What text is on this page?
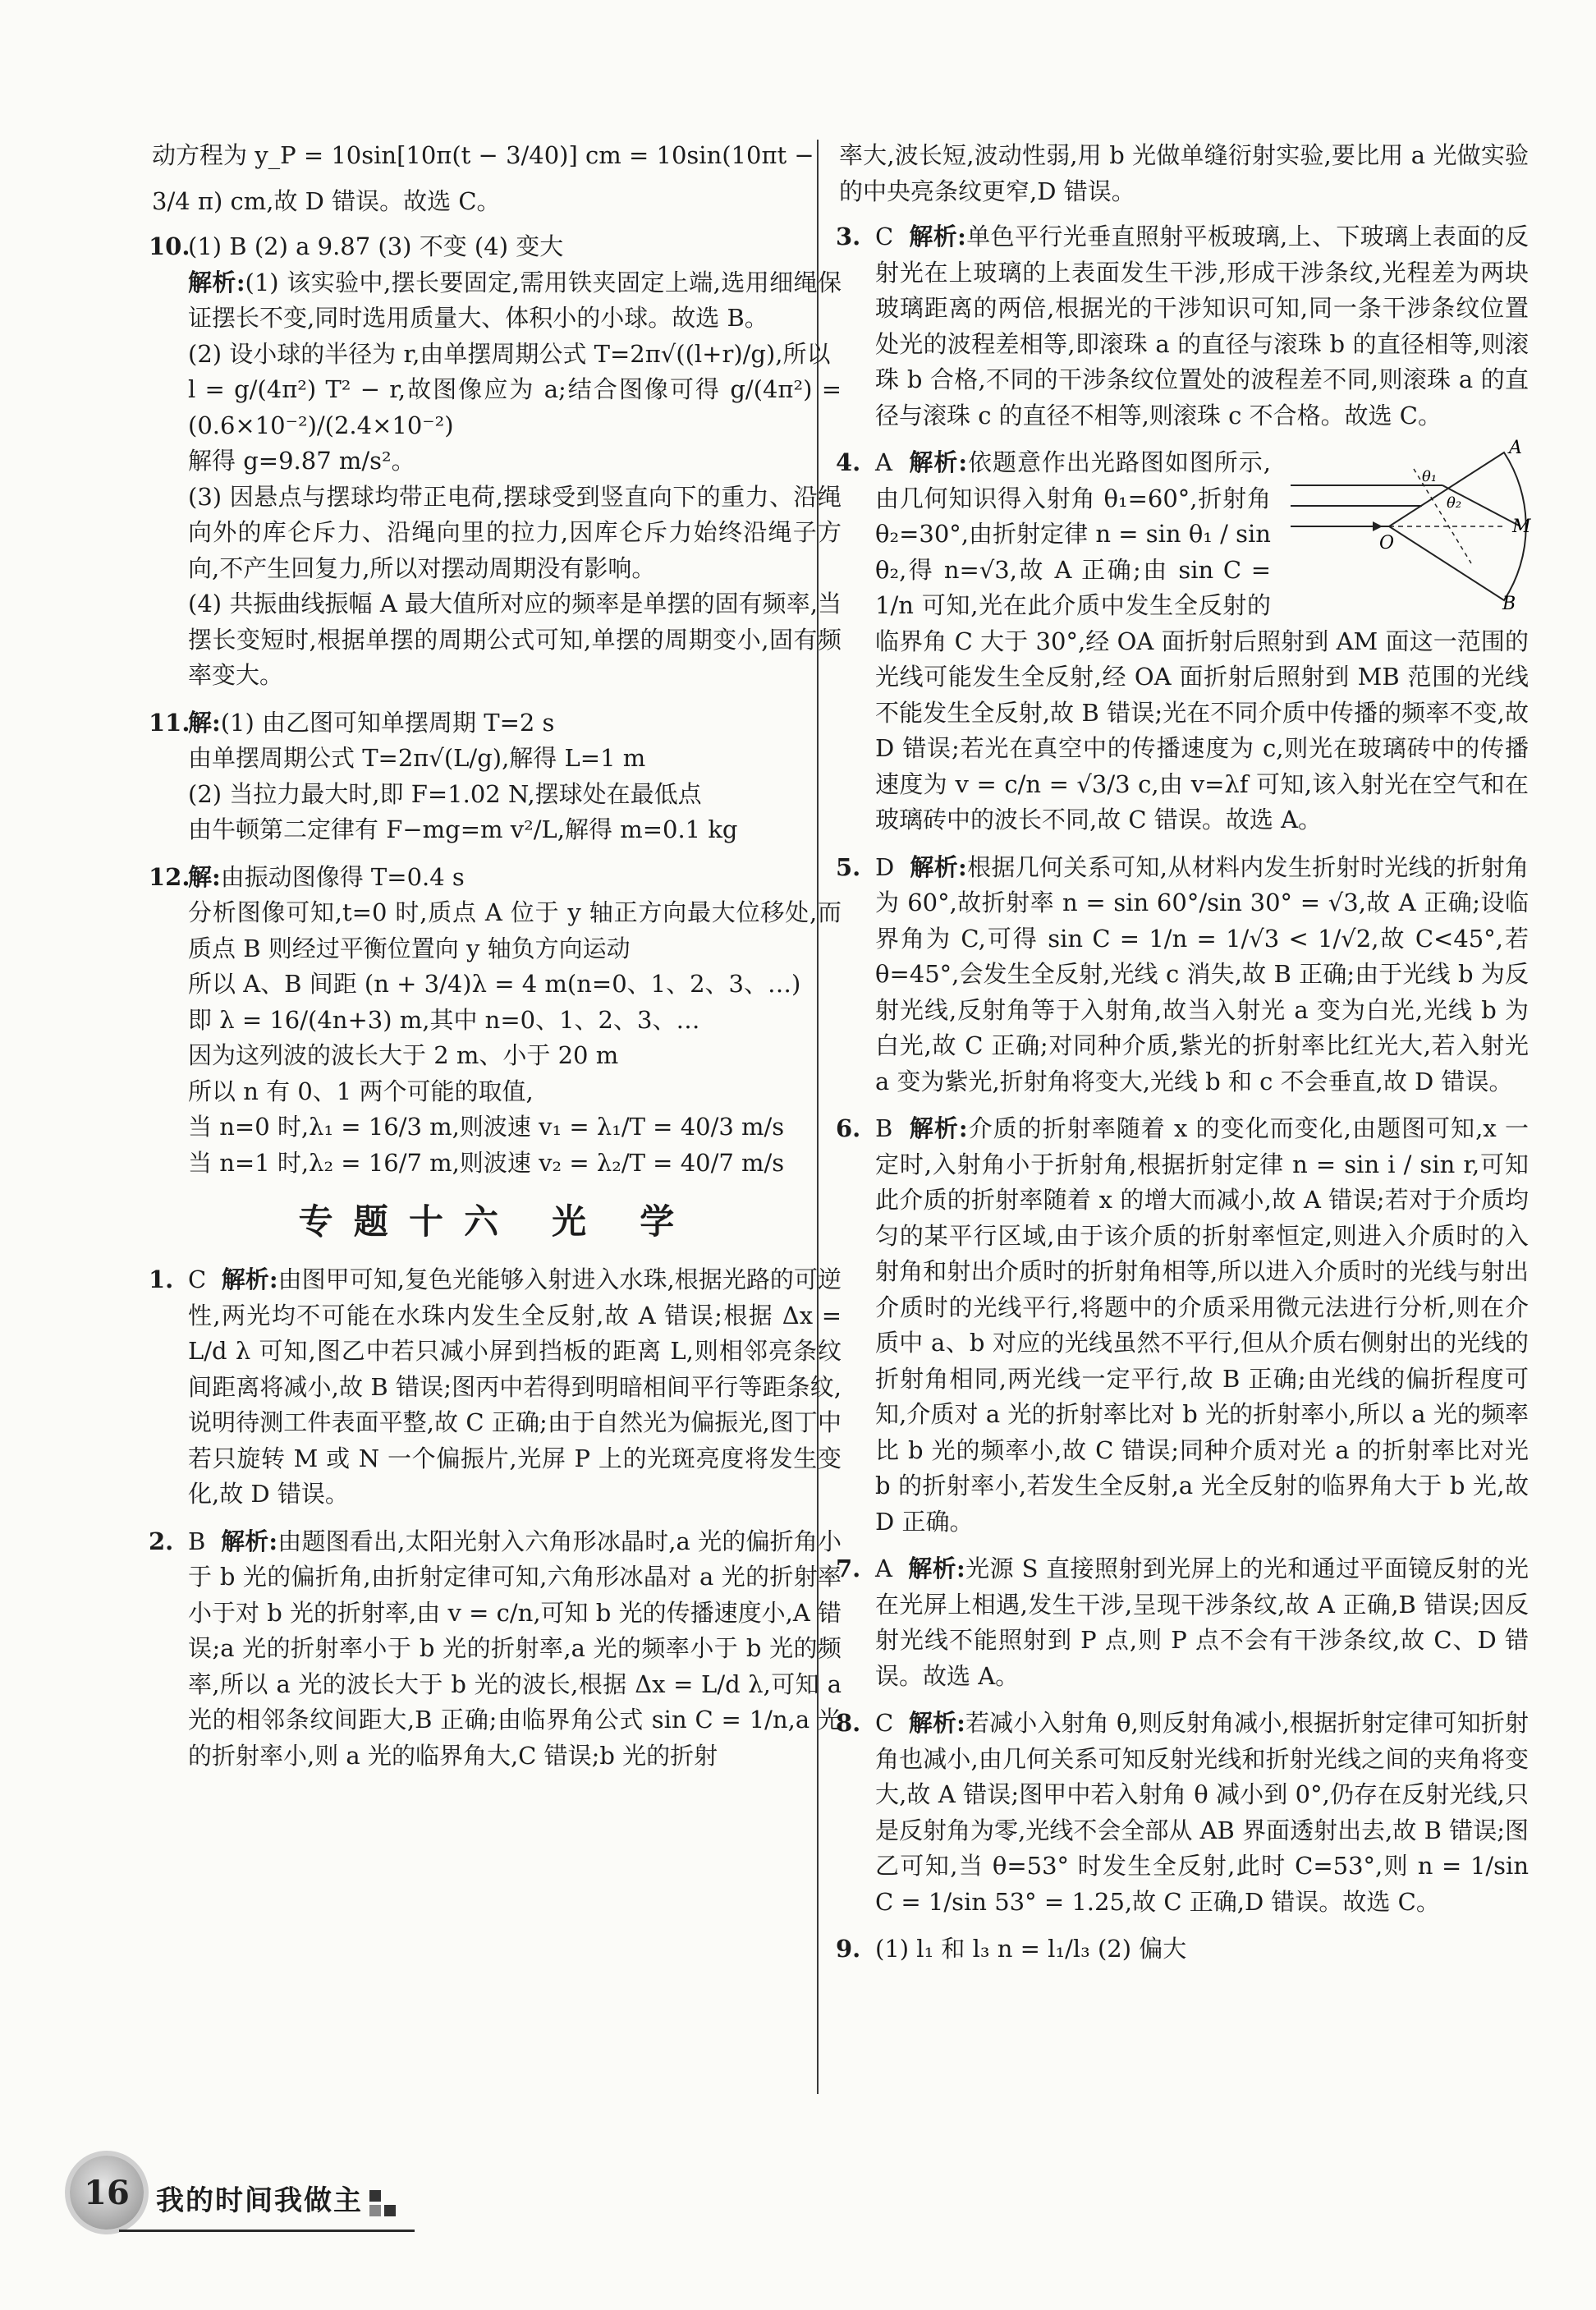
动方程为 y_P = 10sin[10π(t − 3/40)] cm = 10sin(10πt −
3/4 π) cm,故 D 错误。故选 C。
10.
(1) B (2) a 9.87 (3) 不变 (4) 变大
解析:(1) 该实验中,摆长要固定,需用铁夹固定上端,选用细绳保证摆长不变,同时选用质量大、体积小的小球。故选 B。
(2) 设小球的半径为 r,由单摆周期公式 T=2π√((l+r)/g),所以
l = g/(4π²) T² − r,故图像应为 a;结合图像可得 g/(4π²) = (0.6×10⁻²)/(2.4×10⁻²)
解得 g=9.87 m/s²。
(3) 因悬点与摆球均带正电荷,摆球受到竖直向下的重力、沿绳向外的库仑斥力、沿绳向里的拉力,因库仑斥力始终沿绳子方向,不产生回复力,所以对摆动周期没有影响。
(4) 共振曲线振幅 A 最大值所对应的频率是单摆的固有频率,当摆长变短时,根据单摆的周期公式可知,单摆的周期变小,固有频率变大。
11.
解:(1) 由乙图可知单摆周期 T=2 s
由单摆周期公式 T=2π√(L/g),解得 L=1 m
(2) 当拉力最大时,即 F=1.02 N,摆球处在最低点
由牛顿第二定律有 F−mg=m v²/L,解得 m=0.1 kg
12.
解:由振动图像得 T=0.4 s
分析图像可知,t=0 时,质点 A 位于 y 轴正方向最大位移处,而质点 B 则经过平衡位置向 y 轴负方向运动
所以 A、B 间距 (n + 3/4)λ = 4 m(n=0、1、2、3、…)
即 λ = 16/(4n+3) m,其中 n=0、1、2、3、…
因为这列波的波长大于 2 m、小于 20 m
所以 n 有 0、1 两个可能的取值,
当 n=0 时,λ₁ = 16/3 m,则波速 v₁ = λ₁/T = 40/3 m/s
当 n=1 时,λ₂ = 16/7 m,则波速 v₂ = λ₂/T = 40/7 m/s
专题十六 光 学
1. C 解析:由图甲可知,复色光能够入射进入水珠,根据光路的可逆性,两光均不可能在水珠内发生全反射,故 A 错误;根据 Δx = L/d λ 可知,图乙中若只减小屏到挡板的距离 L,则相邻亮条纹间距离将减小,故 B 错误;图丙中若得到明暗相间平行等距条纹,说明待测工件表面平整,故 C 正确;由于自然光为偏振光,图丁中若只旋转 M 或 N 一个偏振片,光屏 P 上的光斑亮度将发生变化,故 D 错误。
2. B 解析:由题图看出,太阳光射入六角形冰晶时,a 光的偏折角小于 b 光的偏折角,由折射定律可知,六角形冰晶对 a 光的折射率小于对 b 光的折射率,由 v = c/n,可知 b 光的传播速度小,A 错误;a 光的折射率小于 b 光的折射率,a 光的频率小于 b 光的频率,所以 a 光的波长大于 b 光的波长,根据 Δx = L/d λ,可知 a 光的相邻条纹间距大,B 正确;由临界角公式 sin C = 1/n,a 光的折射率小,则 a 光的临界角大,C 错误;b 光的折射
率大,波长短,波动性弱,用 b 光做单缝衍射实验,要比用 a 光做实验的中央亮条纹更窄,D 错误。
3. C 解析:单色平行光垂直照射平板玻璃,上、下玻璃上表面的反射光在上玻璃的上表面发生干涉,形成干涉条纹,光程差为两块玻璃距离的两倍,根据光的干涉知识可知,同一条干涉条纹位置处光的波程差相等,即滚珠 a 的直径与滚珠 b 的直径相等,则滚珠 b 合格,不同的干涉条纹位置处的波程差不同,则滚珠 a 的直径与滚珠 c 的直径不相等,则滚珠 c 不合格。故选 C。
4.
A
O
M
B
θ₁
θ₂
A 解析:依题意作出光路图如图所示,由几何知识得入射角 θ₁=60°,折射角 θ₂=30°,由折射定律 n = sin θ₁ / sin θ₂,得 n=√3,故 A 正确;由 sin C = 1/n 可知,光在此介质中发生全反射的临界角 C 大于 30°,经 OA 面折射后照射到 AM 面这一范围的光线可能发生全反射,经 OA 面折射后照射到 MB 范围的光线不能发生全反射,故 B 错误;光在不同介质中传播的频率不变,故 D 错误;若光在真空中的传播速度为 c,则光在玻璃砖中的传播速度为 v = c/n = √3/3 c,由 v=λf 可知,该入射光在空气和在玻璃砖中的波长不同,故 C 错误。故选 A。
5. D 解析:根据几何关系可知,从材料内发生折射时光线的折射角为 60°,故折射率 n = sin 60°/sin 30° = √3,故 A 正确;设临界角为 C,可得 sin C = 1/n = 1/√3 < 1/√2,故 C<45°,若 θ=45°,会发生全反射,光线 c 消失,故 B 正确;由于光线 b 为反射光线,反射角等于入射角,故当入射光 a 变为白光,光线 b 为白光,故 C 正确;对同种介质,紫光的折射率比红光大,若入射光 a 变为紫光,折射角将变大,光线 b 和 c 不会垂直,故 D 错误。
6. B 解析:介质的折射率随着 x 的变化而变化,由题图可知,x 一定时,入射角小于折射角,根据折射定律 n = sin i / sin r,可知此介质的折射率随着 x 的增大而减小,故 A 错误;若对于介质均匀的某平行区域,由于该介质的折射率恒定,则进入介质时的入射角和射出介质时的折射角相等,所以进入介质时的光线与射出介质时的光线平行,将题中的介质采用微元法进行分析,则在介质中 a、b 对应的光线虽然不平行,但从介质右侧射出的光线的折射角相同,两光线一定平行,故 B 正确;由光线的偏折程度可知,介质对 a 光的折射率比对 b 光的折射率小,所以 a 光的频率比 b 光的频率小,故 C 错误;同种介质对光 a 的折射率比对光 b 的折射率小,若发生全反射,a 光全反射的临界角大于 b 光,故 D 正确。
7. A 解析:光源 S 直接照射到光屏上的光和通过平面镜反射的光在光屏上相遇,发生干涉,呈现干涉条纹,故 A 正确,B 错误;因反射光线不能照射到 P 点,则 P 点不会有干涉条纹,故 C、D 错误。故选 A。
8. C 解析:若减小入射角 θ,则反射角减小,根据折射定律可知折射角也减小,由几何关系可知反射光线和折射光线之间的夹角将变大,故 A 错误;图甲中若入射角 θ 减小到 0°,仍存在反射光线,只是反射角为零,光线不会全部从 AB 界面透射出去,故 B 错误;图乙可知,当 θ=53° 时发生全反射,此时 C=53°,则 n = 1/sin C = 1/sin 53° = 1.25,故 C 正确,D 错误。故选 C。
9. (1) l₁ 和 l₃ n = l₁/l₃ (2) 偏大
16 我的时间我做主
